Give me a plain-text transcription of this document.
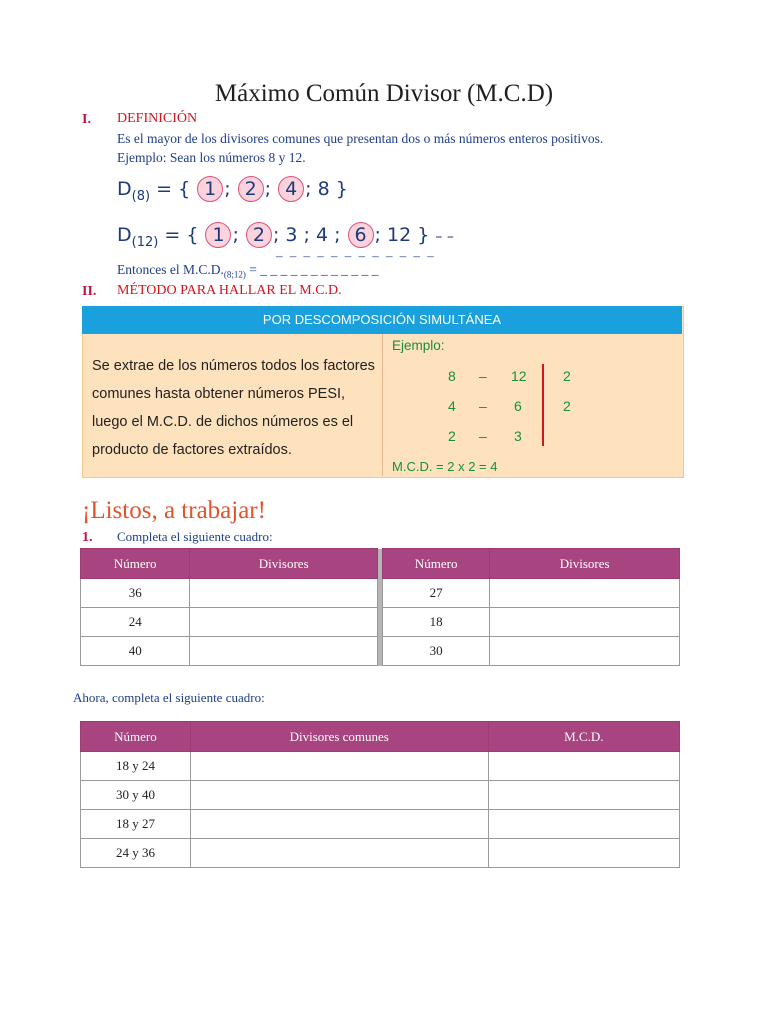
Máximo Común Divisor (M.C.D)
I. DEFINICIÓN
Es el mayor de los divisores comunes que presentan dos o más números enteros positivos.
Ejemplo: Sean los números 8 y 12.
$D_{(8)}$ = { 1 ; 2 ; 4 ; 8 }
$D_{(12)}$ = { 1 ; 2 ; 3 ; 4 ; 6 ; 12 } – –
– – – – – – – – – – – –
Entonces el $M.C.D._{(8;12)}$ = _ _ _ _ _ _ _ _ _ _ _ _
II. MÉTODO PARA HALLAR EL M.C.D.
POR DESCOMPOSICIÓN SIMULTÁNEA
Se extrae de los números todos los factores comunes hasta obtener números PESI, luego el M.C.D. de dichos números es el producto de factores extraídos.
Ejemplo:
8 – 12	2
4 – 6	2
2 – 3
M.C.D. = 2 x 2 = 4
¡Listos, a trabajar!
1. Completa el siguiente cuadro:
Número	Divisores		Número	Divisores
36			27	
24			18	
40			30	
Ahora, completa el siguiente cuadro:
Número	Divisores comunes	M.C.D.
18 y 24		
30 y 40		
18 y 27		
24 y 36		
